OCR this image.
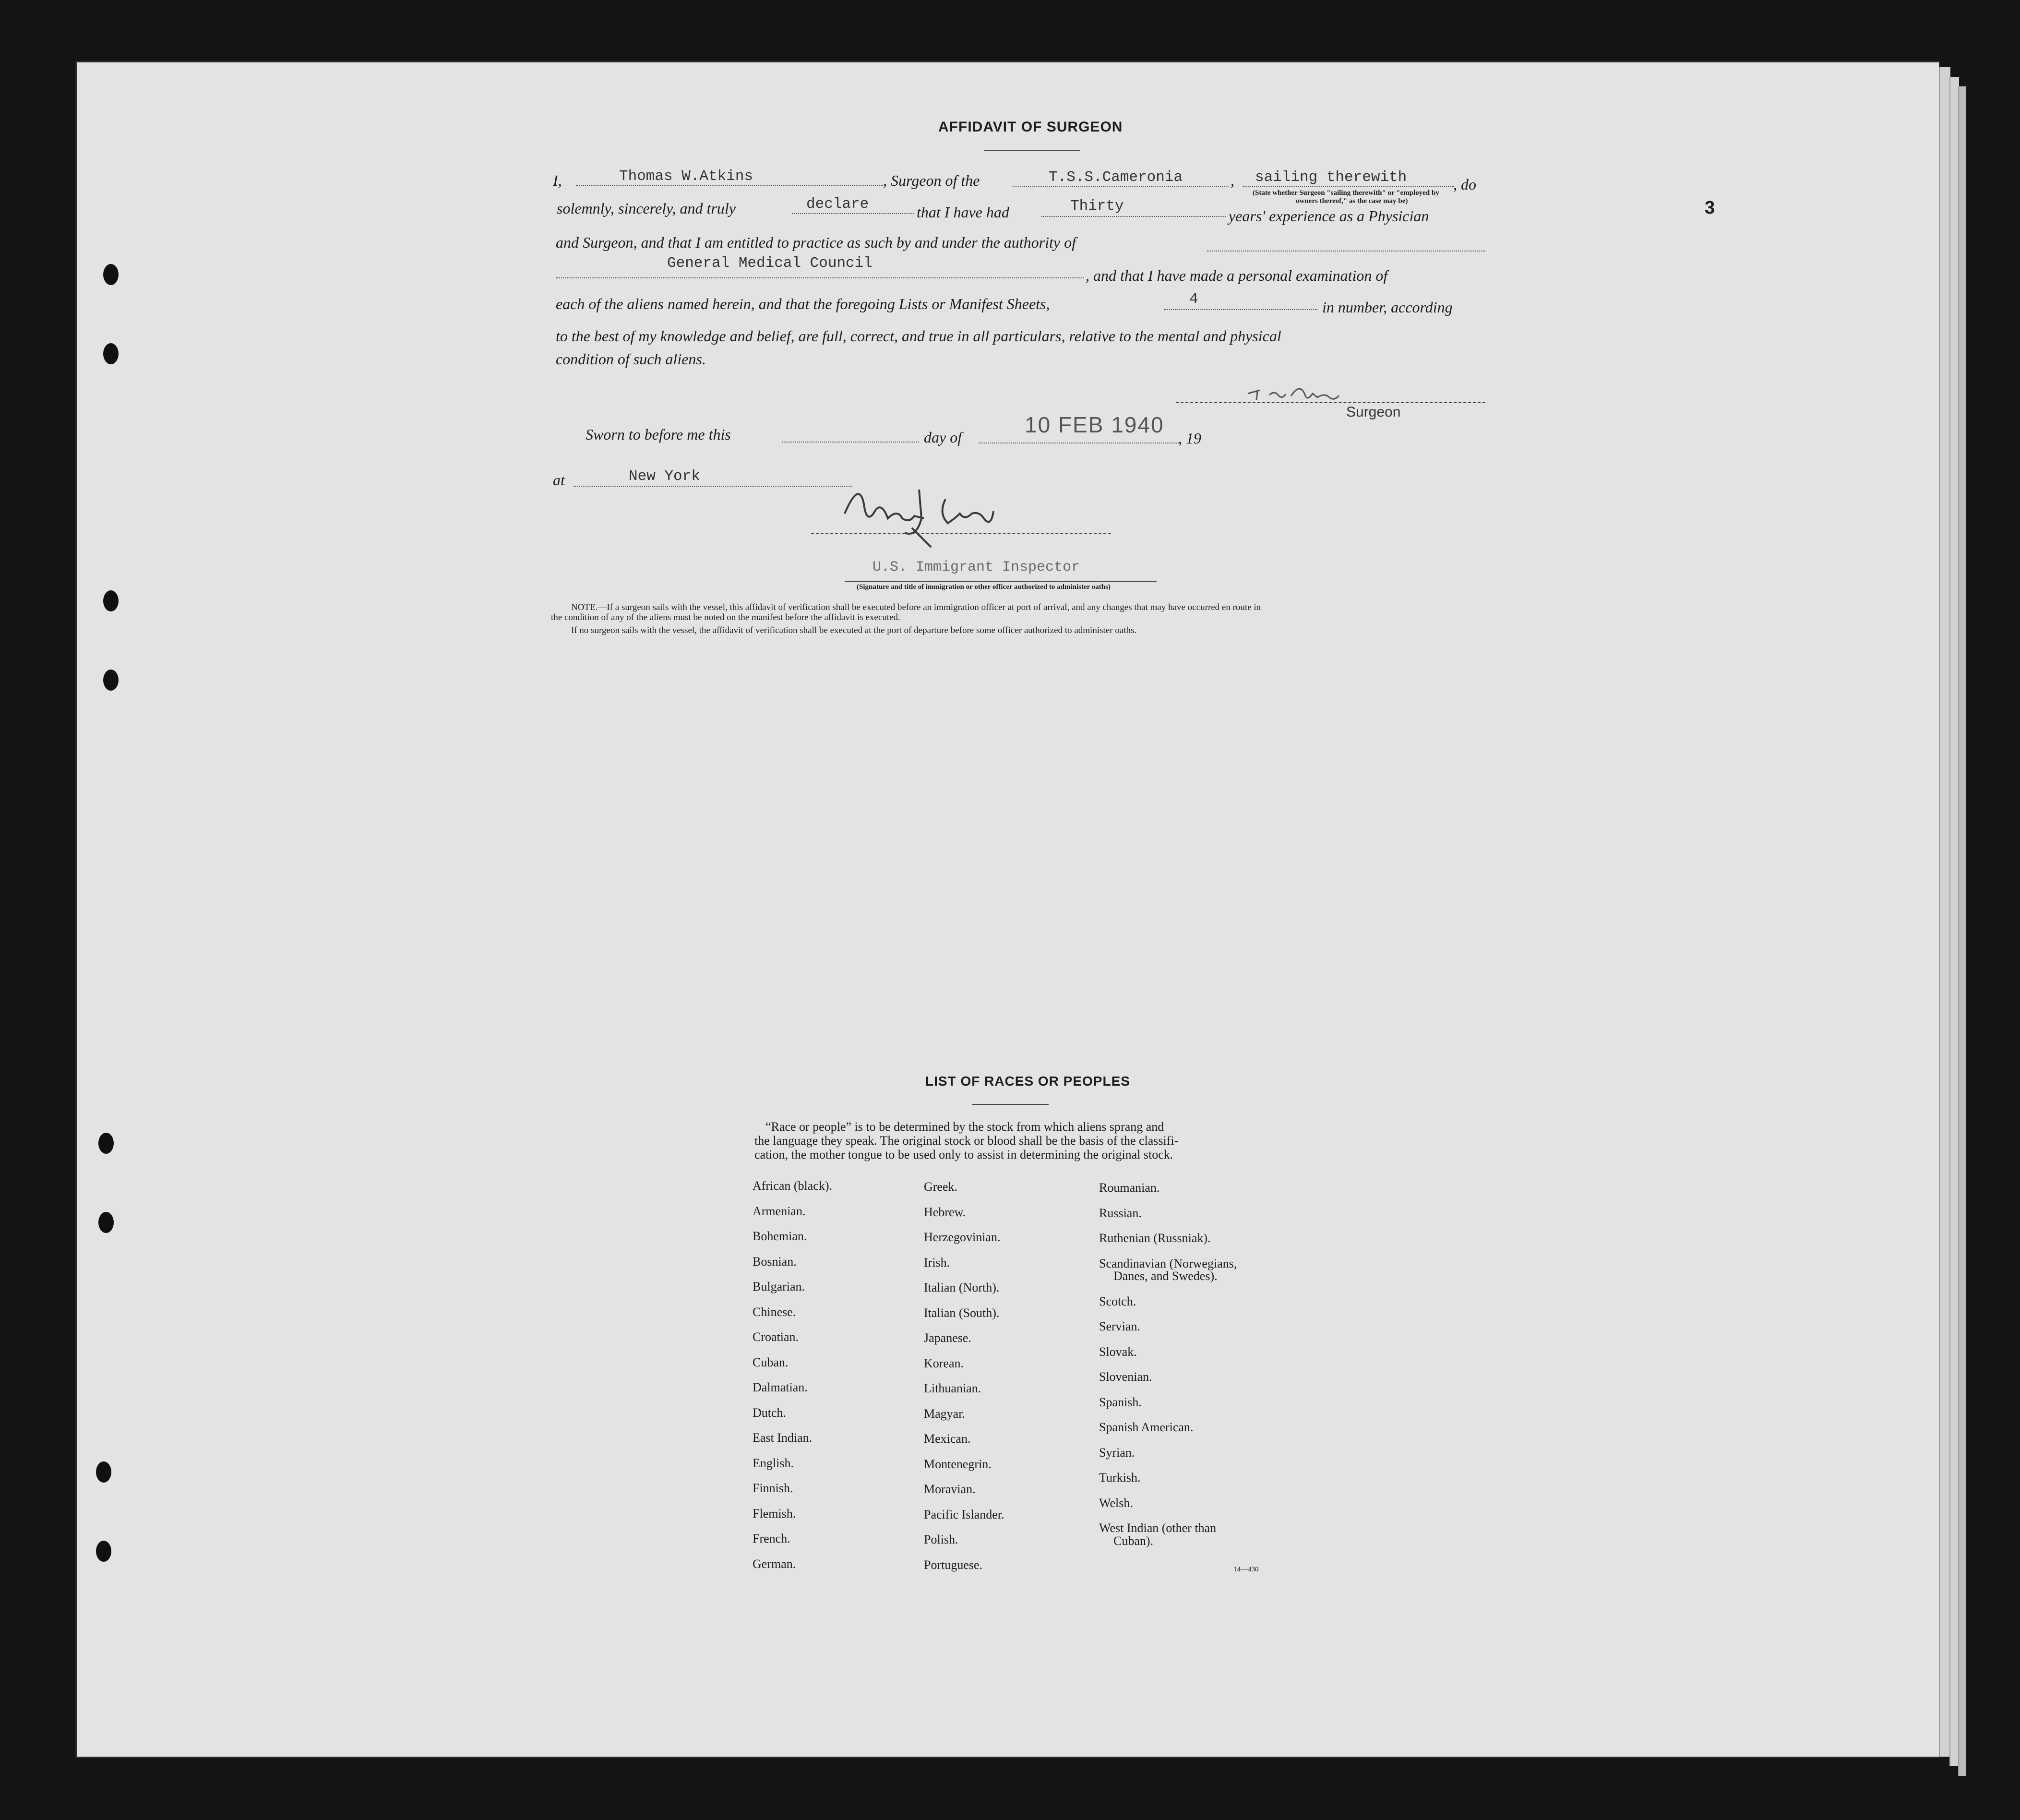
3
AFFIDAVIT OF SURGEON
I,	Thomas W.Atkins	, Surgeon of the	T.S.S.Cameronia	, sailing therewith	, do
(State whether Surgeon "sailing therewith" or "employed by
owners thereof," as the case may be)
solemnly, sincerely, and truly	declare	that I have had	Thirty
years' experience as a Physician
and Surgeon, and that I am entitled to practice as such by and under the authority of
General Medical Council
, and that I have made a personal examination of
each of the aliens named herein, and that the foregoing Lists or Manifest Sheets,	4	in number, according
to the best of my knowledge and belief, are full, correct, and true in all particulars, relative to the mental and physical
condition of such aliens.
Surgeon
Sworn to before me this	day of	10 FEB 1940
, 19
at	New York
U.S. Immigrant Inspector
(Signature and title of immigration or other officer authorized to administer oaths)
NOTE.—If a surgeon sails with the vessel, this affidavit of verification shall be executed before an immigration officer at port of arrival, and any changes that may have occurred en route in
the condition of any of the aliens must be noted on the manifest before the affidavit is executed.
If no surgeon sails with the vessel, the affidavit of verification shall be executed at the port of departure before some officer authorized to administer oaths.
LIST OF RACES OR PEOPLES
“Race or people” is to be determined by the stock from which aliens sprang and
the language they speak. The original stock or blood shall be the basis of the classifi-
cation, the mother tongue to be used only to assist in determining the original stock.
African (black).
Armenian.
Bohemian.
Bosnian.
Bulgarian.
Chinese.
Croatian.
Cuban.
Dalmatian.
Dutch.
East Indian.
English.
Finnish.
Flemish.
French.
German.
Greek.
Hebrew.
Herzegovinian.
Irish.
Italian (North).
Italian (South).
Japanese.
Korean.
Lithuanian.
Magyar.
Mexican.
Montenegrin.
Moravian.
Pacific Islander.
Polish.
Portuguese.
Roumanian.
Russian.
Ruthenian (Russniak).
Scandinavian (Norwegians,
Danes, and Swedes).
Scotch.
Servian.
Slovak.
Slovenian.
Spanish.
Spanish American.
Syrian.
Turkish.
Welsh.
West Indian (other than
Cuban).
14—430
